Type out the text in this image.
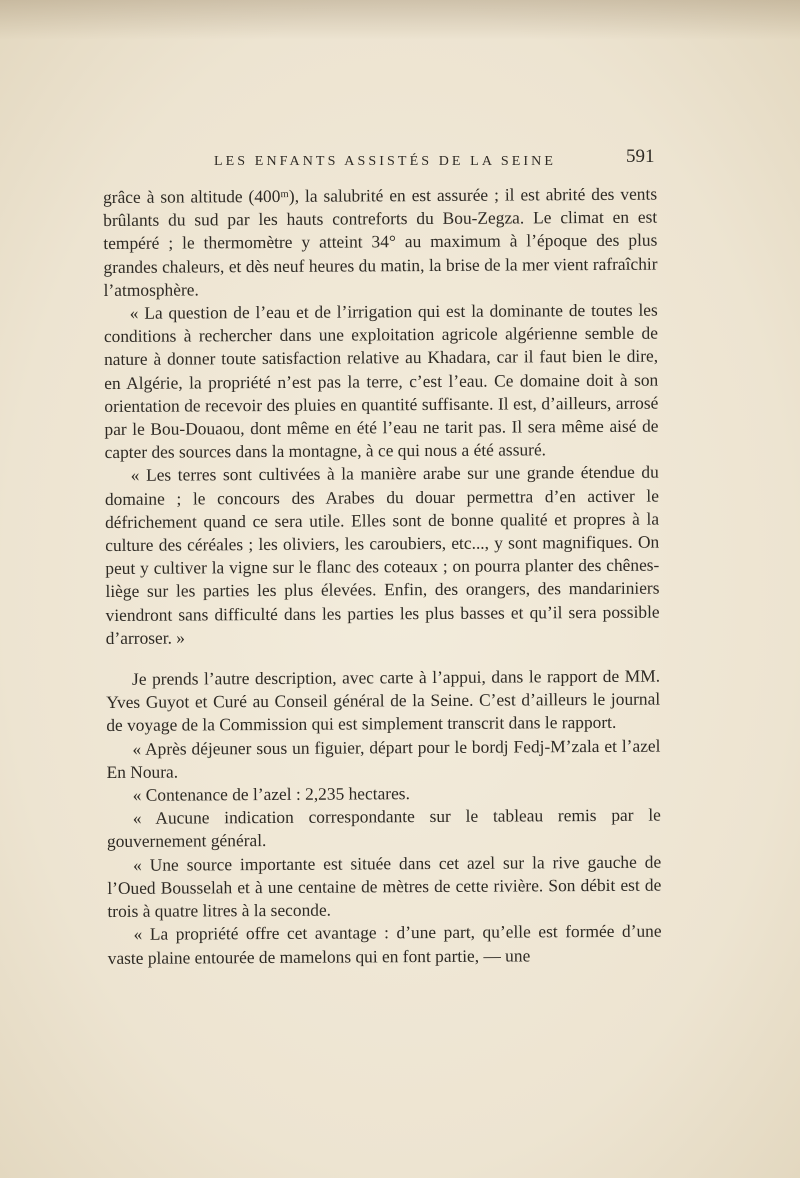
LES ENFANTS ASSISTÉS DE LA SEINE	591

grâce à son altitude (400ᵐ), la salubrité en est assurée ; il est abrité des vents brûlants du sud par les hauts contreforts du Bou-Zegza. Le climat en est tempéré ; le thermomètre y atteint 34° au maximum à l’époque des plus grandes chaleurs, et dès neuf heures du matin, la brise de la mer vient rafraîchir l’atmosphère.

« La question de l’eau et de l’irrigation qui est la dominante de toutes les conditions à rechercher dans une exploitation agricole algérienne semble de nature à donner toute satisfaction relative au Khadara, car il faut bien le dire, en Algérie, la propriété n’est pas la terre, c’est l’eau. Ce domaine doit à son orientation de recevoir des pluies en quantité suffisante. Il est, d’ailleurs, arrosé par le Bou-Douaou, dont même en été l’eau ne tarit pas. Il sera même aisé de capter des sources dans la montagne, à ce qui nous a été assuré.

« Les terres sont cultivées à la manière arabe sur une grande étendue du domaine ; le concours des Arabes du douar permettra d’en activer le défrichement quand ce sera utile. Elles sont de bonne qualité et propres à la culture des céréales ; les oliviers, les caroubiers, etc..., y sont magnifiques. On peut y cultiver la vigne sur le flanc des coteaux ; on pourra planter des chênes-liège sur les parties les plus élevées. Enfin, des orangers, des mandariniers viendront sans difficulté dans les parties les plus basses et qu’il sera possible d’arroser. »

Je prends l’autre description, avec carte à l’appui, dans le rapport de MM. Yves Guyot et Curé au Conseil général de la Seine. C’est d’ailleurs le journal de voyage de la Commission qui est simplement transcrit dans le rapport.

« Après déjeuner sous un figuier, départ pour le bordj Fedj-M’zala et l’azel En Noura.

« Contenance de l’azel : 2,235 hectares.

« Aucune indication correspondante sur le tableau remis par le gouvernement général.

« Une source importante est située dans cet azel sur la rive gauche de l’Oued Bousselah et à une centaine de mètres de cette rivière. Son débit est de trois à quatre litres à la seconde.

« La propriété offre cet avantage : d’une part, qu’elle est formée d’une vaste plaine entourée de mamelons qui en font partie, — une
